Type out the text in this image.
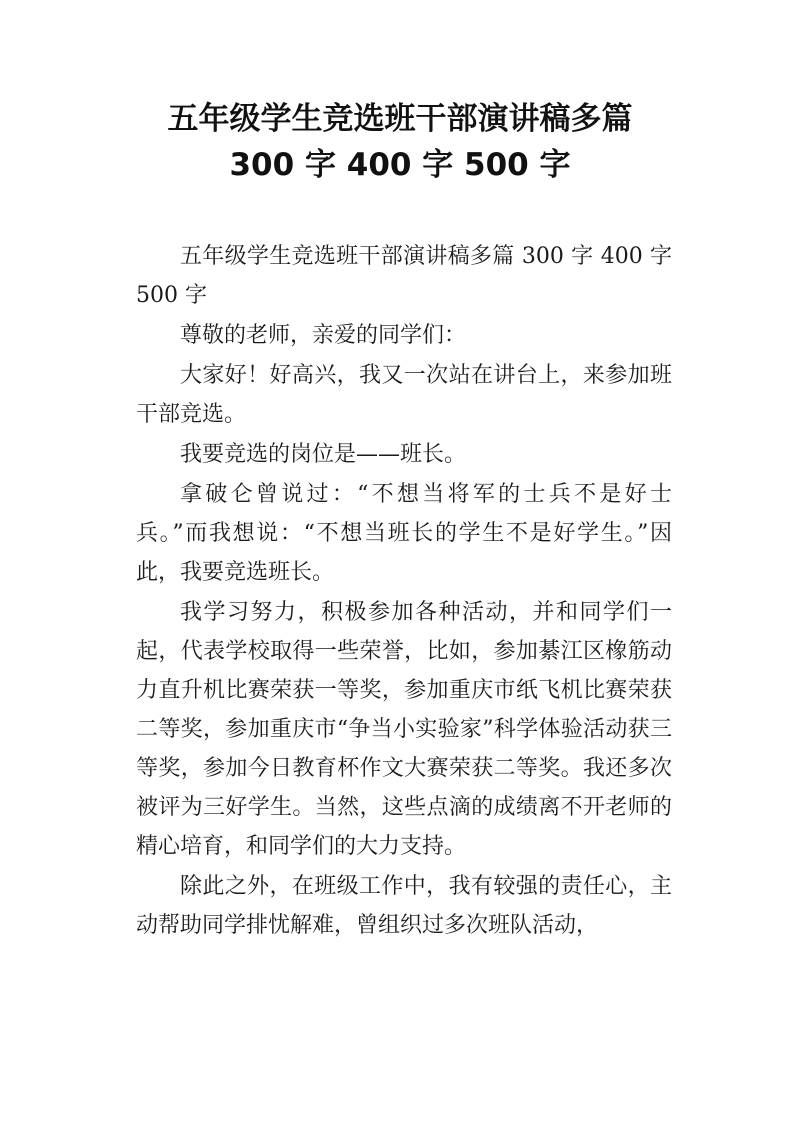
五年级学生竞选班干部演讲稿多篇
300 字 400 字 500 字

五年级学生竞选班干部演讲稿多篇 300 字 400 字 500 字

尊敬的老师，亲爱的同学们：

大家好！好高兴，我又一次站在讲台上，来参加班干部竞选。

我要竞选的岗位是——班长。

拿破仑曾说过：“不想当将军的士兵不是好士兵。”而我想说：“不想当班长的学生不是好学生。”因此，我要竞选班长。

我学习努力，积极参加各种活动，并和同学们一起，代表学校取得一些荣誉，比如，参加綦江区橡筋动力直升机比赛荣获一等奖，参加重庆市纸飞机比赛荣获二等奖，参加重庆市“争当小实验家”科学体验活动获三等奖，参加今日教育杯作文大赛荣获二等奖。我还多次被评为三好学生。当然，这些点滴的成绩离不开老师的精心培育，和同学们的大力支持。

除此之外，在班级工作中，我有较强的责任心，主动帮助同学排忧解难，曾组织过多次班队活动，
